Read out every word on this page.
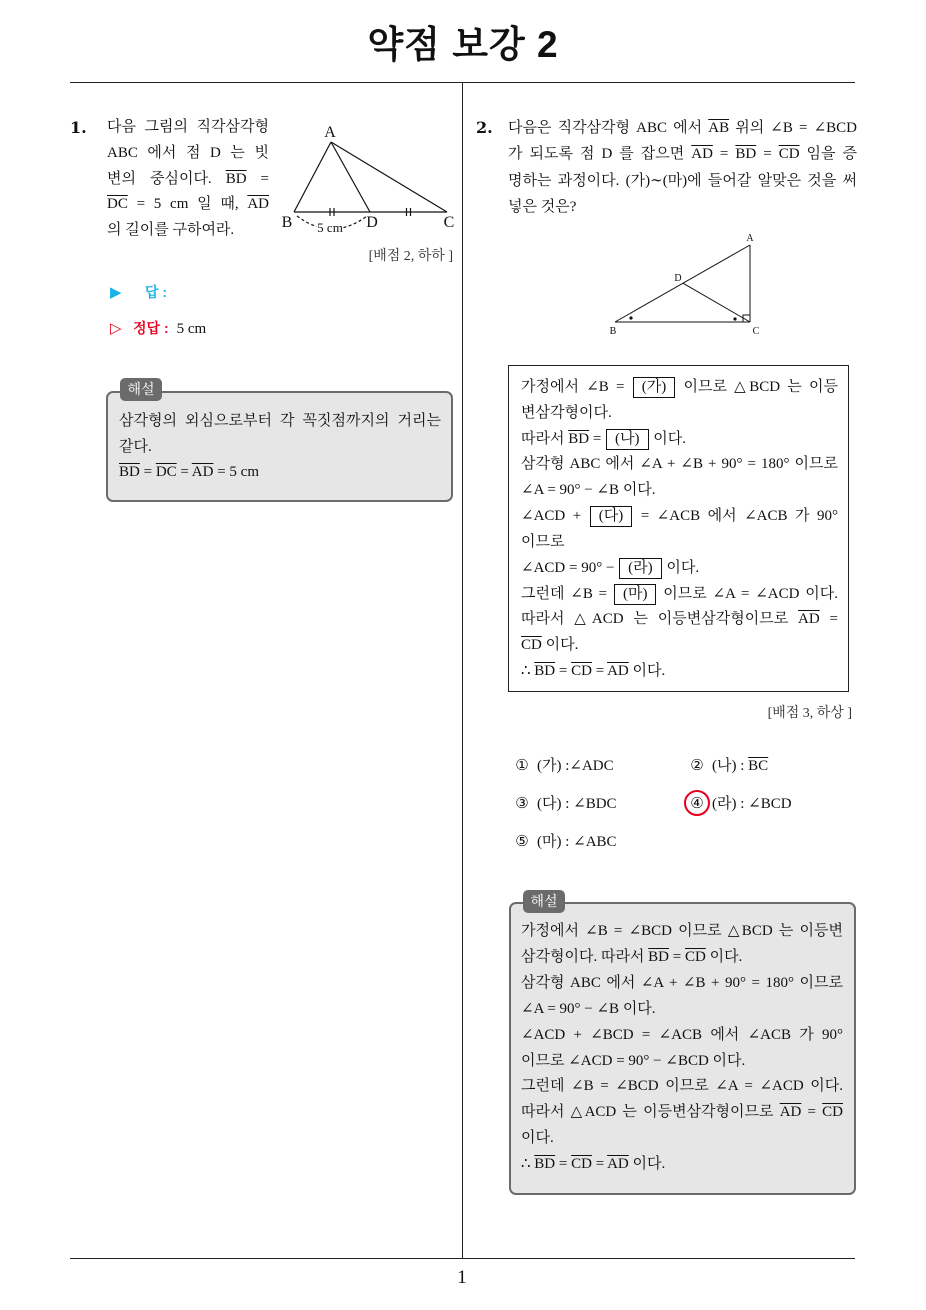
약점 보강 2
1. 다음 그림의 직각삼각형
ABC 에서 점 D 는 빗
변의 중심이다. $\overline{BD}$ =
$\overline{DC} = 5$ cm 일 때, $\overline{AD}$
의 길이를 구하여라.
A
B	D	C
5 cm
[배점 2, 하하 ]
▶ 답 :
▷ 정답 : 5 cm
해설
삼각형의 외심으로부터 각 꼭짓점까지의 거리는
같다.
$\overline{BD} = \overline{DC} = \overline{AD} = 5$ cm
2. 다음은 직각삼각형 ABC 에서 $\overline{AB}$ 위의 ∠B = ∠BCD
가 되도록 점 D 를 잡으면 $\overline{AD} = \overline{BD} = \overline{CD}$ 임을 증
명하는 과정이다. (가)∼(마)에 들어갈 알맞은 것을 써
넣은 것은?
A
D
B	C
가정에서 ∠B = (가) 이므로 △BCD 는 이등
변삼각형이다.
따라서 $\overline{BD}$ = (나) 이다.
삼각형 ABC 에서 ∠A + ∠B + 90° = 180° 이므로
∠A = 90° − ∠B 이다.
∠ACD + (다) = ∠ACB 에서 ∠ACB 가 90°
이므로
∠ACD = 90° − (라) 이다.
그런데 ∠B = (마) 이므로 ∠A = ∠ACD 이다.
따라서 △ACD 는 이등변삼각형이므로 $\overline{AD}$ =
$\overline{CD}$ 이다.
∴ $\overline{BD} = \overline{CD} = \overline{AD}$ 이다.
[배점 3, 하상 ]
① (가) :∠ADC	② (나) : $\overline{BC}$
③ (다) : ∠BDC	④ (라) : ∠BCD
⑤ (마) : ∠ABC
해설
가정에서 ∠B = ∠BCD 이므로 △BCD 는 이등변
삼각형이다. 따라서 $\overline{BD} = \overline{CD}$ 이다.
삼각형 ABC 에서 ∠A + ∠B + 90° = 180° 이므로
∠A = 90° − ∠B 이다.
∠ACD + ∠BCD = ∠ACB 에서 ∠ACB 가 90°
이므로 ∠ACD = 90° − ∠BCD 이다.
그런데 ∠B = ∠BCD 이므로 ∠A = ∠ACD 이다.
따라서 △ACD 는 이등변삼각형이므로 $\overline{AD} = \overline{CD}$
이다.
∴ $\overline{BD} = \overline{CD} = \overline{AD}$ 이다.
1
